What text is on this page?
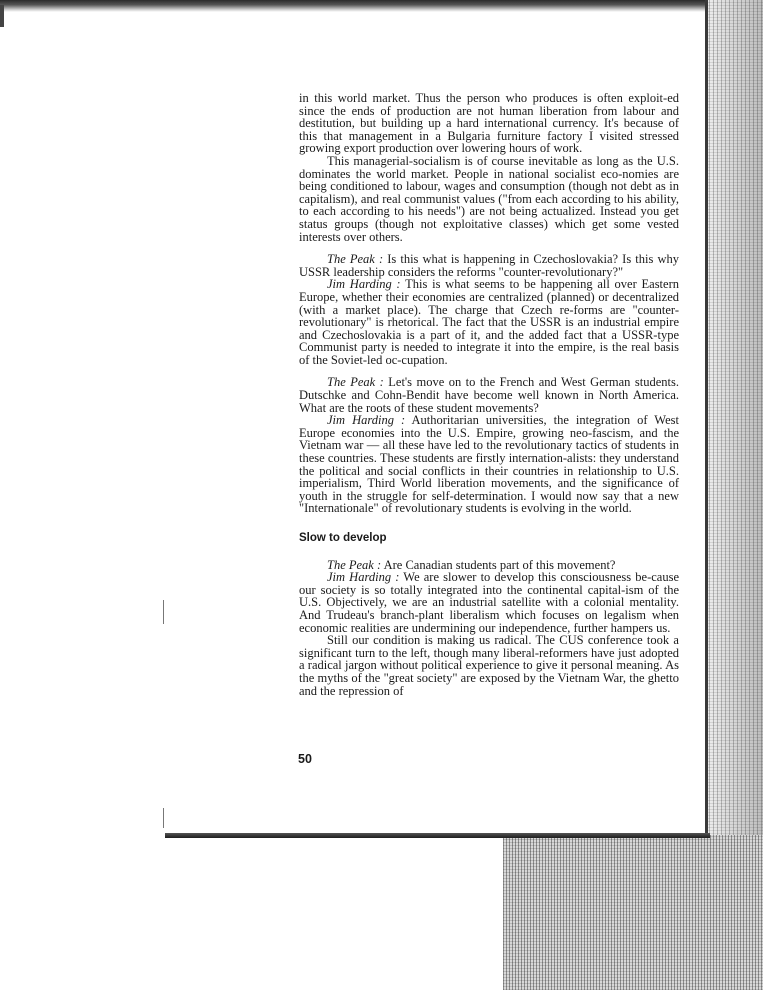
in this world market. Thus the person who produces is often exploit-ed since the ends of production are not human liberation from labour and destitution, but building up a hard international currency. It's because of this that management in a Bulgaria furniture factory I visited stressed growing export production over lowering hours of work.

This managerial-socialism is of course inevitable as long as the U.S. dominates the world market. People in national socialist eco-nomies are being conditioned to labour, wages and consumption (though not debt as in capitalism), and real communist values ("from each according to his ability, to each according to his needs") are not being actualized. Instead you get status groups (though not exploitative classes) which get some vested interests over others.

The Peak : Is this what is happening in Czechoslovakia? Is this why USSR leadership considers the reforms "counter-revolutionary?"

Jim Harding : This is what seems to be happening all over Eastern Europe, whether their economies are centralized (planned) or decentralized (with a market place). The charge that Czech re-forms are "counter-revolutionary" is rhetorical. The fact that the USSR is an industrial empire and Czechoslovakia is a part of it, and the added fact that a USSR-type Communist party is needed to integrate it into the empire, is the real basis of the Soviet-led oc-cupation.

The Peak : Let's move on to the French and West German students. Dutschke and Cohn-Bendit have become well known in North America. What are the roots of these student movements?

Jim Harding : Authoritarian universities, the integration of West Europe economies into the U.S. Empire, growing neo-fascism, and the Vietnam war — all these have led to the revolutionary tactics of students in these countries. These students are firstly internation-alists: they understand the political and social conflicts in their countries in relationship to U.S. imperialism, Third World liberation movements, and the significance of youth in the struggle for self-determination. I would now say that a new "Internationale" of revolutionary students is evolving in the world.

Slow to develop

The Peak : Are Canadian students part of this movement?

Jim Harding : We are slower to develop this consciousness be-cause our society is so totally integrated into the continental capital-ism of the U.S. Objectively, we are an industrial satellite with a colonial mentality. And Trudeau's branch-plant liberalism which focuses on legalism when economic realities are undermining our independence, further hampers us.

Still our condition is making us radical. The CUS conference took a significant turn to the left, though many liberal-reformers have just adopted a radical jargon without political experience to give it personal meaning. As the myths of the "great society" are exposed by the Vietnam War, the ghetto and the repression of

50
